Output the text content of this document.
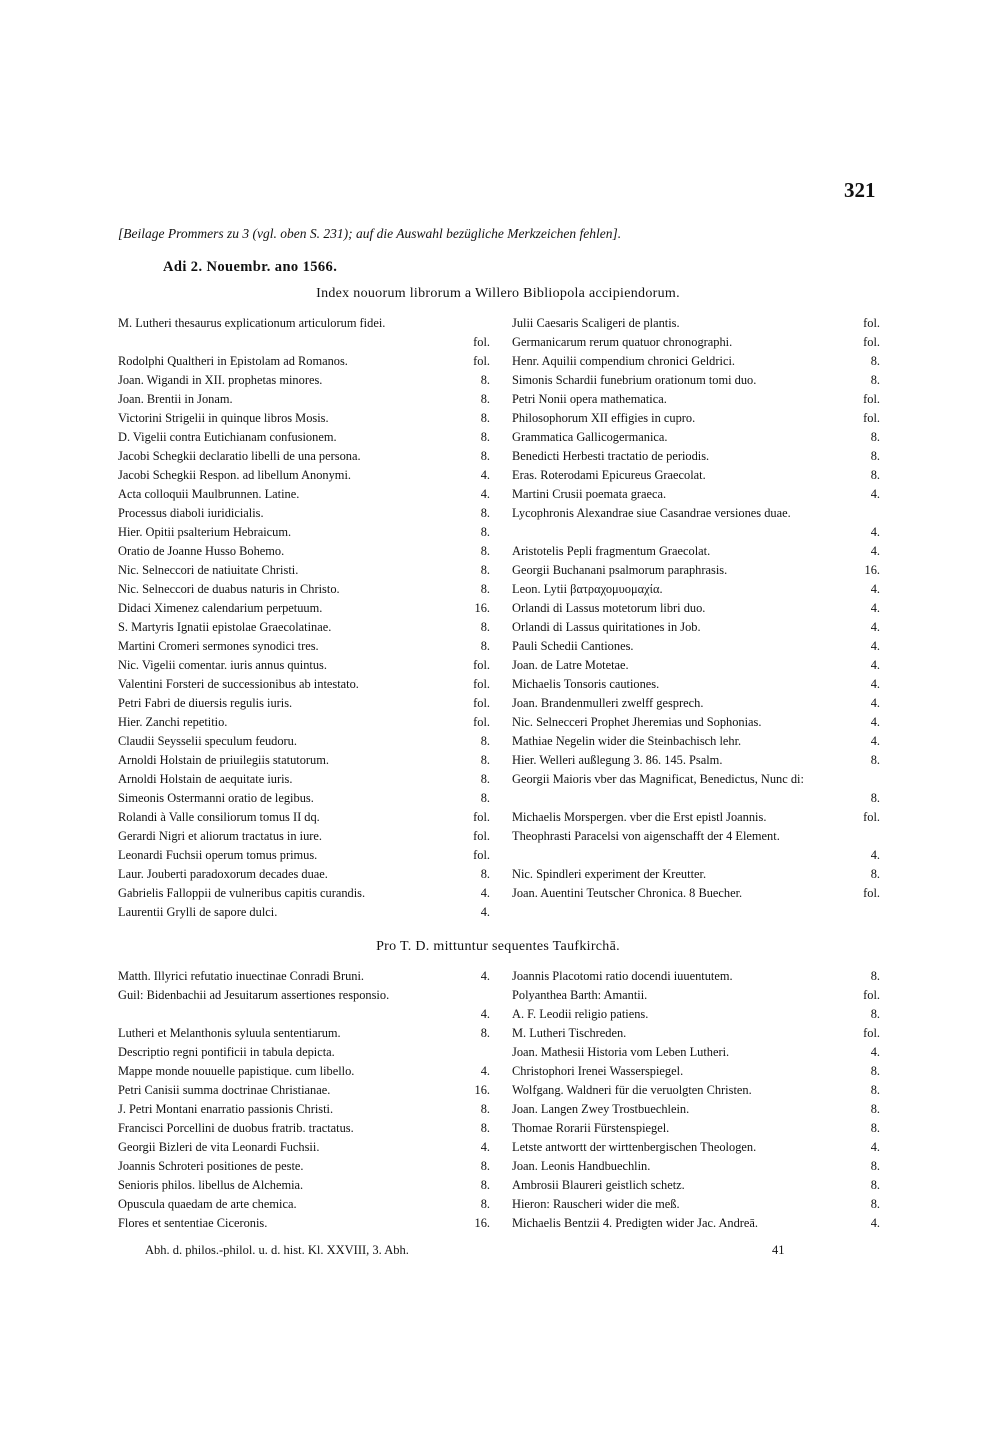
321
[Beilage Prommers zu 3 (vgl. oben S. 231); auf die Auswahl bezügliche Merkzeichen fehlen].
Adi 2. Nouembr. ano 1566.
Index nouorum librorum a Willero Bibliopola accipiendorum.
M. Lutheri thesaurus explicationum articulorum fidei.
fol.
Rodolphi Qualtheri in Epistolam ad Romanos.	fol.
Joan. Wigandi in XII. prophetas minores.	8.
Joan. Brentii in Jonam.	8.
Victorini Strigelii in quinque libros Mosis.	8.
D. Vigelii contra Eutichianam confusionem.	8.
Jacobi Schegkii declaratio libelli de una persona.	8.
Jacobi Schegkii Respon. ad libellum Anonymi.	4.
Acta colloquii Maulbrunnen. Latine.	4.
Processus diaboli iuridicialis.	8.
Hier. Opitii psalterium Hebraicum.	8.
Oratio de Joanne Husso Bohemo.	8.
Nic. Selneccori de natiuitate Christi.	8.
Nic. Selneccori de duabus naturis in Christo.	8.
Didaci Ximenez calendarium perpetuum.	16.
S. Martyris Ignatii epistolae Graecolatinae.	8.
Martini Cromeri sermones synodici tres.	8.
Nic. Vigelii comentar. iuris annus quintus.	fol.
Valentini Forsteri de successionibus ab intestato.	fol.
Petri Fabri de diuersis regulis iuris.	fol.
Hier. Zanchi repetitio.	fol.
Claudii Seysselii speculum feudoru.	8.
Arnoldi Holstain de priuilegiis statutorum.	8.
Arnoldi Holstain de aequitate iuris.	8.
Simeonis Ostermanni oratio de legibus.	8.
Rolandi à Valle consiliorum tomus II dq.	fol.
Gerardi Nigri et aliorum tractatus in iure.	fol.
Leonardi Fuchsii operum tomus primus.	fol.
Laur. Jouberti paradoxorum decades duae.	8.
Gabrielis Falloppii de vulneribus capitis curandis.	4.
Laurentii Grylli de sapore dulci.	4.
Julii Caesaris Scaligeri de plantis.	fol.
Germanicarum rerum quatuor chronographi.	fol.
Henr. Aquilii compendium chronici Geldrici.	8.
Simonis Schardii funebrium orationum tomi duo.	8.
Petri Nonii opera mathematica.	fol.
Philosophorum XII effigies in cupro.	fol.
Grammatica Gallicogermanica.	8.
Benedicti Herbesti tractatio de periodis.	8.
Eras. Roterodami Epicureus Graecolat.	8.
Martini Crusii poemata graeca.	4.
Lycophronis Alexandrae siue Casandrae versiones duae.
4.
Aristotelis Pepli fragmentum Graecolat.	4.
Georgii Buchanani psalmorum paraphrasis.	16.
Leon. Lytii βατραχομυομαχία.	4.
Orlandi di Lassus motetorum libri duo.	4.
Orlandi di Lassus quiritationes in Job.	4.
Pauli Schedii Cantiones.	4.
Joan. de Latre Motetae.	4.
Michaelis Tonsoris cautiones.	4.
Joan. Brandenmulleri zwelff gesprech.	4.
Nic. Selnecceri Prophet Jheremias und Sophonias.	4.
Mathiae Negelin wider die Steinbachisch lehr.	4.
Hier. Welleri außlegung 3. 86. 145. Psalm.	8.
Georgii Maioris vber das Magnificat, Benedictus, Nunc di:
8.
Michaelis Morspergen. vber die Erst epistl Joannis.	fol.
Theophrasti Paracelsi von aigenschafft der 4 Element.
4.
Nic. Spindleri experiment der Kreutter.	8.
Joan. Auentini Teutscher Chronica. 8 Buecher.	fol.
Pro T. D. mittuntur sequentes Taufkirchā.
Matth. Illyrici refutatio inuectinae Conradi Bruni.	4.
Guil: Bidenbachii ad Jesuitarum assertiones responsio.
4.
Lutheri et Melanthonis syluula sententiarum.	8.
Descriptio regni pontificii in tabula depicta.
Mappe monde nouuelle papistique. cum libello.	4.
Petri Canisii summa doctrinae Christianae.	16.
J. Petri Montani enarratio passionis Christi.	8.
Francisci Porcellini de duobus fratrib. tractatus.	8.
Georgii Bizleri de vita Leonardi Fuchsii.	4.
Joannis Schroteri positiones de peste.	8.
Senioris philos. libellus de Alchemia.	8.
Opuscula quaedam de arte chemica.	8.
Flores et sententiae Ciceronis.	16.
Joannis Placotomi ratio docendi iuuentutem.	8.
Polyanthea Barth: Amantii.	fol.
A. F. Leodii religio patiens.	8.
M. Lutheri Tischreden.	fol.
Joan. Mathesii Historia vom Leben Lutheri.	4.
Christophori Irenei Wasserspiegel.	8.
Wolfgang. Waldneri für die veruolgten Christen.	8.
Joan. Langen Zwey Trostbuechlein.	8.
Thomae Rorarii Fürstenspiegel.	8.
Letste antwortt der wirttenbergischen Theologen.	4.
Joan. Leonis Handbuechlin.	8.
Ambrosii Blaureri geistlich schetz.	8.
Hieron: Rauscheri wider die meß.	8.
Michaelis Bentzii 4. Predigten wider Jac. Andreā.	4.
Abh. d. philos.-philol. u. d. hist. Kl. XXVIII, 3. Abh.	41
